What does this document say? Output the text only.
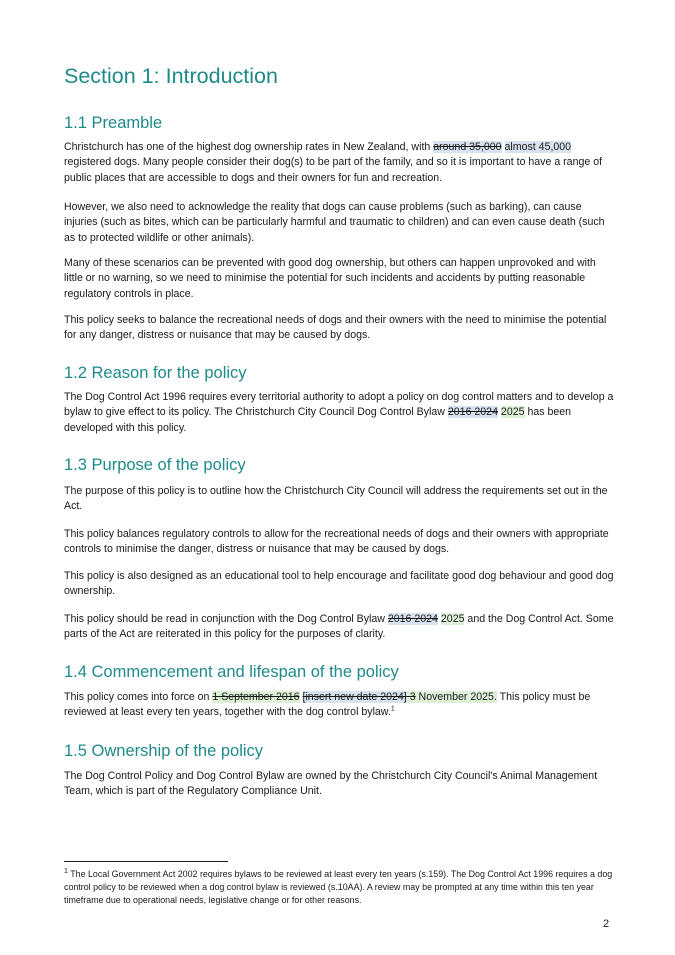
Section 1: Introduction
1.1 Preamble
Christchurch has one of the highest dog ownership rates in New Zealand, with around 35,000 almost 45,000 registered dogs. Many people consider their dog(s) to be part of the family, and so it is important to have a range of public places that are accessible to dogs and their owners for fun and recreation.
However, we also need to acknowledge the reality that dogs can cause problems (such as barking), can cause injuries (such as bites, which can be particularly harmful and traumatic to children) and can even cause death (such as to protected wildlife or other animals).
Many of these scenarios can be prevented with good dog ownership, but others can happen unprovoked and with little or no warning, so we need to minimise the potential for such incidents and accidents by putting reasonable regulatory controls in place.
This policy seeks to balance the recreational needs of dogs and their owners with the need to minimise the potential for any danger, distress or nuisance that may be caused by dogs.
1.2 Reason for the policy
The Dog Control Act 1996 requires every territorial authority to adopt a policy on dog control matters and to develop a bylaw to give effect to its policy. The Christchurch City Council Dog Control Bylaw 2016 2024 2025 has been developed with this policy.
1.3 Purpose of the policy
The purpose of this policy is to outline how the Christchurch City Council will address the requirements set out in the Act.
This policy balances regulatory controls to allow for the recreational needs of dogs and their owners with appropriate controls to minimise the danger, distress or nuisance that may be caused by dogs.
This policy is also designed as an educational tool to help encourage and facilitate good dog behaviour and good dog ownership.
This policy should be read in conjunction with the Dog Control Bylaw 2016 2024 2025 and the Dog Control Act. Some parts of the Act are reiterated in this policy for the purposes of clarity.
1.4 Commencement and lifespan of the policy
This policy comes into force on 1 September 2016 [insert new date 2024] 3 November 2025. This policy must be reviewed at least every ten years, together with the dog control bylaw.$^1$
1.5 Ownership of the policy
The Dog Control Policy and Dog Control Bylaw are owned by the Christchurch City Council's Animal Management Team, which is part of the Regulatory Compliance Unit.
$^1$ The Local Government Act 2002 requires bylaws to be reviewed at least every ten years (s.159). The Dog Control Act 1996 requires a dog control policy to be reviewed when a dog control bylaw is reviewed (s.10AA). A review may be prompted at any time within this ten year timeframe due to operational needs, legislative change or for other reasons.
2
